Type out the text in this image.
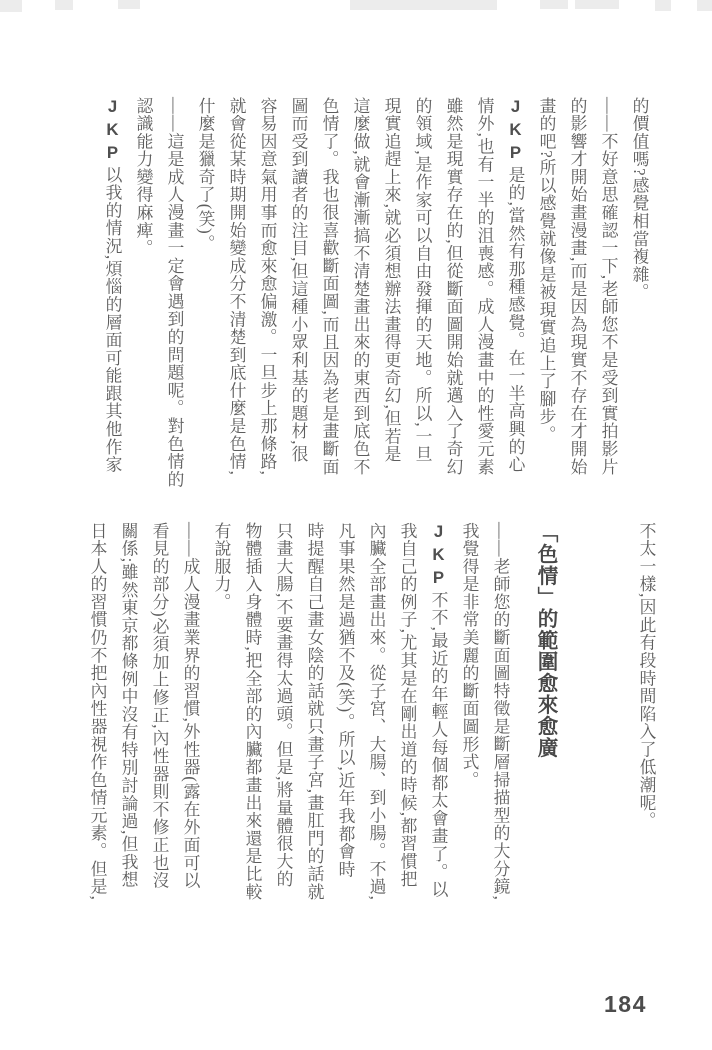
的價值嗎?感覺相當複雜。
——不好意思確認一下,老師您不是受到實拍影片
的影響才開始畫漫畫,而是因為現實不存在才開始
畫的吧?所以感覺就像是被現實追上了腳步。
JKP是的,當然有那種感覺。在一半高興的心
情外,也有一半的沮喪感。成人漫畫中的性愛元素
雖然是現實存在的,但從斷面圖開始就邁入了奇幻
的領域,是作家可以自由發揮的天地。所以,一旦
現實追趕上來,就必須想辦法畫得更奇幻,但若是
這麼做,就會漸漸搞不清楚畫出來的東西到底色不
色情了。我也很喜歡斷面圖,而且因為老是畫斷面
圖而受到讀者的注目,但這種小眾利基的題材,很
容易因意氣用事而愈來愈偏激。一旦步上那條路,
就會從某時期開始變成分不清楚到底什麼是色情,
什麼是獵奇了(笑)。
——這是成人漫畫一定會遇到的問題呢。對色情的
認識能力變得麻痺。
JKP以我的情況,煩惱的層面可能跟其他作家
不太一樣,因此有段時間陷入了低潮呢。
「色情」的範圍愈來愈廣
——老師您的斷面圖特徵是斷層掃描型的大分鏡,
我覺得是非常美麗的斷面圖形式。
JKP不不,最近的年輕人每個都太會畫了。以
我自己的例子,尤其是在剛出道的時候,都習慣把
內臟全部畫出來。從子宮、大腸、到小腸。不過,
凡事果然是過猶不及(笑)。所以,近年我都會時
時提醒自己畫女陰的話就只畫子宮,畫肛門的話就
只畫大腸,不要畫得太過頭。但是,將量體很大的
物體插入身體時,把全部的內臟都畫出來還是比較
有說服力。
——成人漫畫業界的習慣,外性器(露在外面可以
看見的部分)必須加上修正,內性器則不修正也沒
關係;雖然東京都條例中沒有特別討論過,但我想
日本人的習慣仍不把內性器視作色情元素。但是,
184
